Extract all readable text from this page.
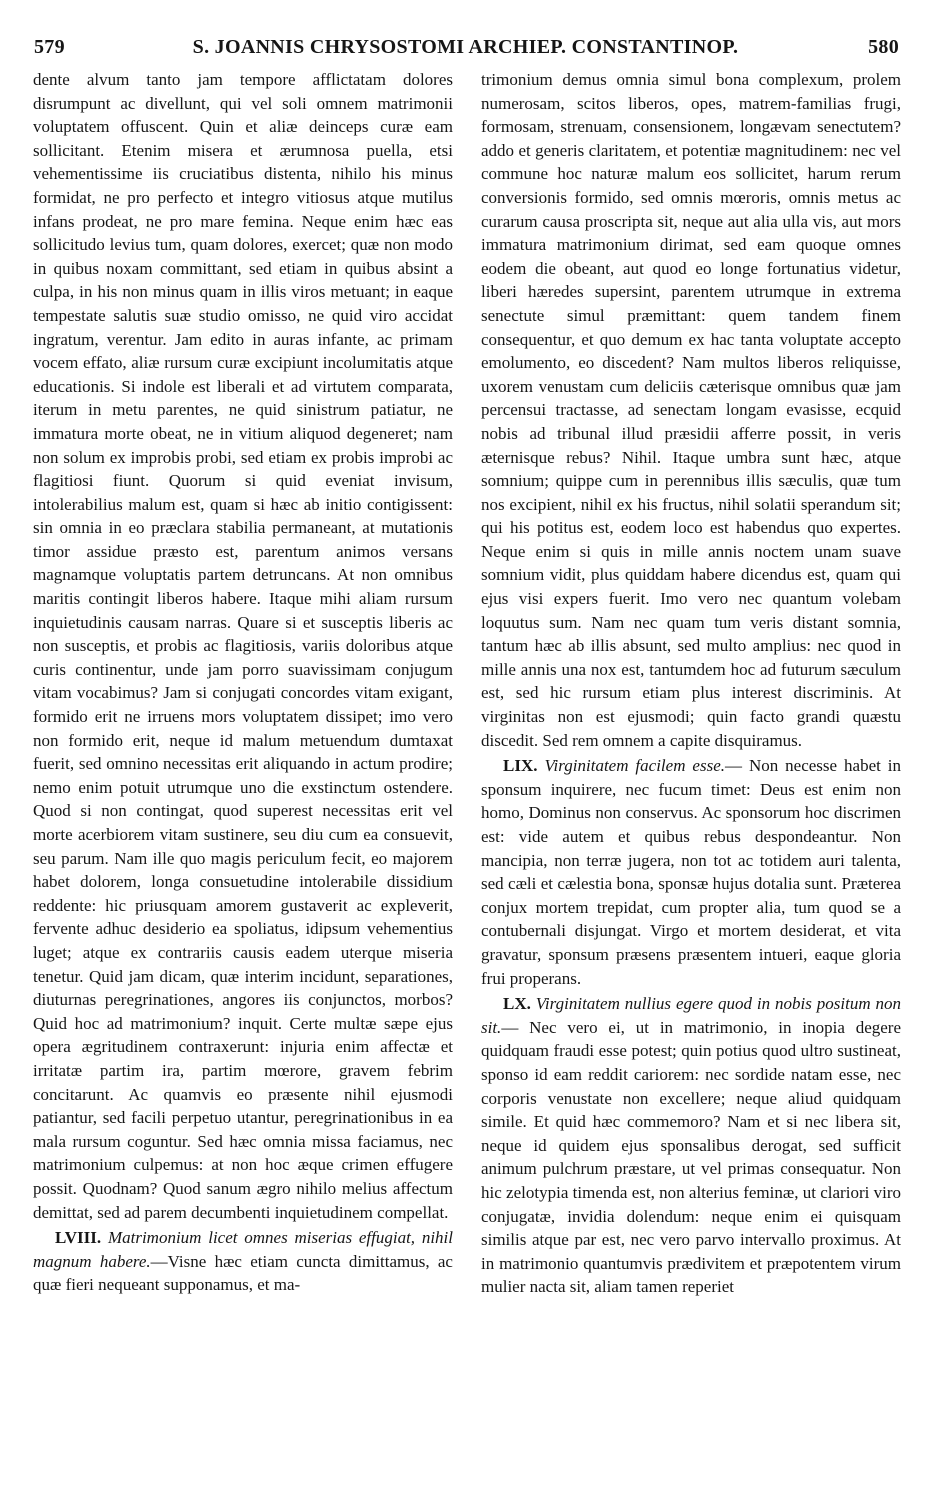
579	S. JOANNIS CHRYSOSTOMI ARCHIEP. CONSTANTINOP.	580

dente alvum tanto jam tempore afflictatam dolores disrumpunt ac divellunt, qui vel soli omnem matrimonii voluptatem offuscent. Quin et aliæ deinceps curæ eam sollicitant. Etenim misera et ærumnosa puella, etsi vehementissime iis cruciatibus distenta, nihilo his minus formidat, ne pro perfecto et integro vitiosus atque mutilus infans prodeat, ne pro mare femina. Neque enim hæc eas sollicitudo levius tum, quam dolores, exercet; quæ non modo in quibus noxam committant, sed etiam in quibus absint a culpa, in his non minus quam in illis viros metuant; in eaque tempestate salutis suæ studio omisso, ne quid viro accidat ingratum, verentur. Jam edito in auras infante, ac primam vocem effato, aliæ rursum curæ excipiunt incolumitatis atque educationis. Si indole est liberali et ad virtutem comparata, iterum in metu parentes, ne quid sinistrum patiatur, ne immatura morte obeat, ne in vitium aliquod degeneret; nam non solum ex improbis probi, sed etiam ex probis improbi ac flagitiosi fiunt. Quorum si quid eveniat invisum, intolerabilius malum est, quam si hæc ab initio contigissent: sin omnia in eo præclara stabilia permaneant, at mutationis timor assidue præsto est, parentum animos versans magnamque voluptatis partem detruncans. At non omnibus maritis contingit liberos habere. Itaque mihi aliam rursum inquietudinis causam narras. Quare si et susceptis liberis ac non susceptis, et probis ac flagitiosis, variis doloribus atque curis continentur, unde jam porro suavissimam conjugum vitam vocabimus? Jam si conjugati concordes vitam exigant, formido erit ne irruens mors voluptatem dissipet; imo vero non formido erit, neque id malum metuendum dumtaxat fuerit, sed omnino necessitas erit aliquando in actum prodire; nemo enim potuit utrumque uno die exstinctum ostendere. Quod si non contingat, quod superest necessitas erit vel morte acerbiorem vitam sustinere, seu diu cum ea consuevit, seu parum. Nam ille quo magis periculum fecit, eo majorem habet dolorem, longa consuetudine intolerabile dissidium reddente: hic priusquam amorem gustaverit ac expleverit, fervente adhuc desiderio ea spoliatus, idipsum vehementius luget; atque ex contrariis causis eadem uterque miseria tenetur. Quid jam dicam, quæ interim incidunt, separationes, diuturnas peregrinationes, angores iis conjunctos, morbos? Quid hoc ad matrimonium? inquit. Certe multæ sæpe ejus opera ægritudinem contraxerunt: injuria enim affectæ et irritatæ partim ira, partim mœrore, gravem febrim concitarunt. Ac quamvis eo præsente nihil ejusmodi patiantur, sed facili perpetuo utantur, peregrinationibus in ea mala rursum coguntur. Sed hæc omnia missa faciamus, nec matrimonium culpemus: at non hoc æque crimen effugere possit. Quodnam? Quod sanum ægro nihilo melius affectum demittat, sed ad parem decumbenti inquietudinem compellat.

LVIII. Matrimonium licet omnes miserias effugiat, nihil magnum habere.—Visne hæc etiam cuncta dimittamus, ac quæ fieri nequeant supponamus, et ma-

trimonium demus omnia simul bona complexum, prolem numerosam, scitos liberos, opes, matrem-familias frugi, formosam, strenuam, consensionem, longævam senectutem? addo et generis claritatem, et potentiæ magnitudinem: nec vel commune hoc naturæ malum eos sollicitet, harum rerum conversionis formido, sed omnis mœroris, omnis metus ac curarum causa proscripta sit, neque aut alia ulla vis, aut mors immatura matrimonium dirimat, sed eam quoque omnes eodem die obeant, aut quod eo longe fortunatius videtur, liberi hæredes supersint, parentem utrumque in extrema senectute simul præmittant: quem tandem finem consequentur, et quo demum ex hac tanta voluptate accepto emolumento, eo discedent? Nam multos liberos reliquisse, uxorem venustam cum deliciis cæterisque omnibus quæ jam percensui tractasse, ad senectam longam evasisse, ecquid nobis ad tribunal illud præsidii afferre possit, in veris æternisque rebus? Nihil. Itaque umbra sunt hæc, atque somnium; quippe cum in perennibus illis sæculis, quæ tum nos excipient, nihil ex his fructus, nihil solatii sperandum sit; qui his potitus est, eodem loco est habendus quo expertes. Neque enim si quis in mille annis noctem unam suave somnium vidit, plus quiddam habere dicendus est, quam qui ejus visi expers fuerit. Imo vero nec quantum volebam loquutus sum. Nam nec quam tum veris distant somnia, tantum hæc ab illis absunt, sed multo amplius: nec quod in mille annis una nox est, tantumdem hoc ad futurum sæculum est, sed hic rursum etiam plus interest discriminis. At virginitas non est ejusmodi; quin facto grandi quæstu discedit. Sed rem omnem a capite disquiramus.

LIX. Virginitatem facilem esse.— Non necesse habet in sponsum inquirere, nec fucum timet: Deus est enim non homo, Dominus non conservus. Ac sponsorum hoc discrimen est: vide autem et quibus rebus despondeantur. Non mancipia, non terræ jugera, non tot ac totidem auri talenta, sed cæli et cælestia bona, sponsæ hujus dotalia sunt. Præterea conjux mortem trepidat, cum propter alia, tum quod se a contubernali disjungat. Virgo et mortem desiderat, et vita gravatur, sponsum præsens præsentem intueri, eaque gloria frui properans.

LX. Virginitatem nullius egere quod in nobis positum non sit.— Nec vero ei, ut in matrimonio, in inopia degere quidquam fraudi esse potest; quin potius quod ultro sustineat, sponso id eam reddit cariorem: nec sordide natam esse, nec corporis venustate non excellere; neque aliud quidquam simile. Et quid hæc commemoro? Nam et si nec libera sit, neque id quidem ejus sponsalibus derogat, sed sufficit animum pulchrum præstare, ut vel primas consequatur. Non hic zelotypia timenda est, non alterius feminæ, ut clariori viro conjugatæ, invidia dolendum: neque enim ei quisquam similis atque par est, nec vero parvo intervallo proximus. At in matrimonio quantumvis prædivitem et præpotentem virum mulier nacta sit, aliam tamen reperiet
